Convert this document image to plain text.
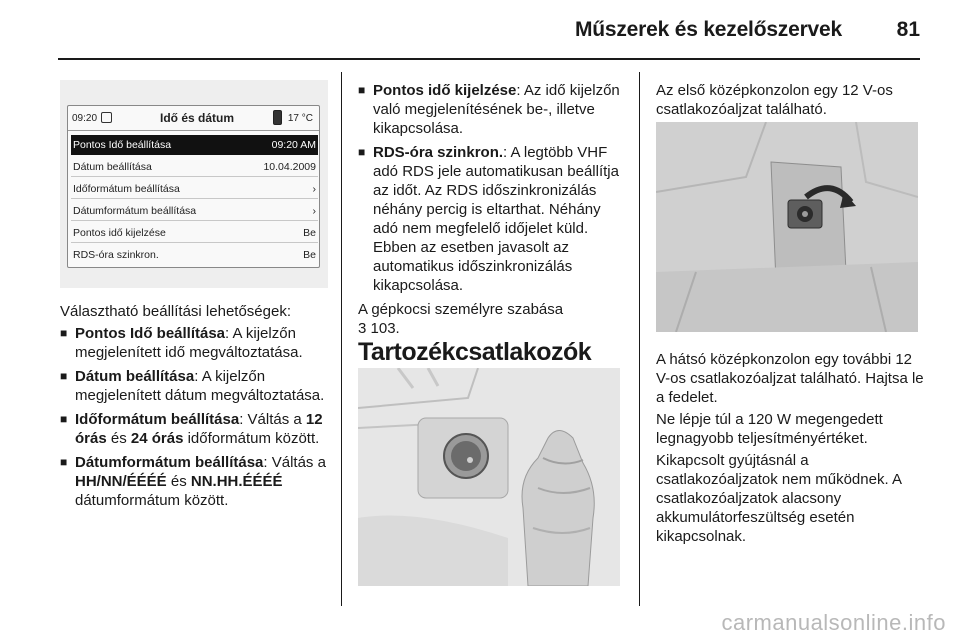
Műszerek és kezelőszervek	81
09:20	Idő és dátum	17 °C
Pontos Idő beállítása	09:20 AM
Dátum beállítása	10.04.2009
Időformátum beállítása	›
Dátumformátum beállítása	›
Pontos idő kijelzése	Be
RDS-óra szinkron.	Be

Választható beállítási lehetőségek:

■ Pontos Idő beállítása: A kijelzőn megjelenített idő megváltoztatása.
■ Dátum beállítása: A kijelzőn megjelenített dátum megváltoztatása.
■ Időformátum beállítása: Váltás a 12 órás és 24 órás időformátum között.
■ Dátumformátum beállítása: Váltás a HH/NN/ÉÉÉÉ és NN.HH.ÉÉÉÉ dátumformátum között.
■ Pontos idő kijelzése: Az idő kijelzőn való megjelenítésének be-, illetve kikapcsolása.
■ RDS-óra szinkron.: A legtöbb VHF adó RDS jele automatikusan beállítja az időt. Az RDS időszinkronizálás néhány percig is eltarthat. Néhány adó nem megfelelő időjelet küld. Ebben az esetben javasolt az automatikus időszinkronizálás kikapcsolása.

A gépkocsi személyre szabása
3 103.

Tartozékcsatlakozók

Az első középkonzolon egy 12 V-os csatlakozóaljzat található.

A hátsó középkonzolon egy további 12 V-os csatlakozóaljzat található. Hajtsa le a fedelet.

Ne lépje túl a 120 W megengedett legnagyobb teljesítményértéket.

Kikapcsolt gyújtásnál a csatlakozóaljzatok nem működnek. A csatlakozóaljzatok alacsony akkumulátorfeszültség esetén kikapcsolnak.

carmanualsonline.info
